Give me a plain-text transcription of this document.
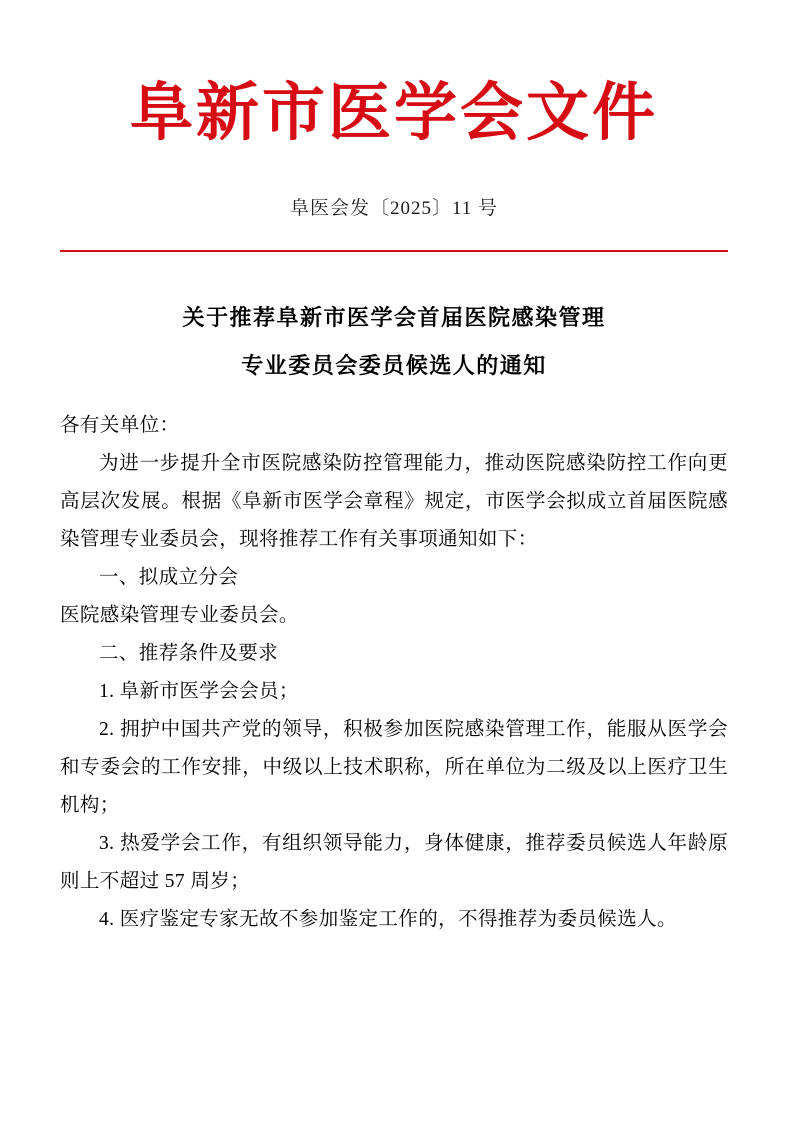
阜新市医学会文件
阜医会发〔2025〕11 号
关于推荐阜新市医学会首届医院感染管理
专业委员会委员候选人的通知

各有关单位：

为进一步提升全市医院感染防控管理能力，推动医院感染防控工作向更高层次发展。根据《阜新市医学会章程》规定，市医学会拟成立首届医院感染管理专业委员会，现将推荐工作有关事项通知如下：

一、拟成立分会

医院感染管理专业委员会。

二、推荐条件及要求

1. 阜新市医学会会员；

2. 拥护中国共产党的领导，积极参加医院感染管理工作，能服从医学会和专委会的工作安排，中级以上技术职称，所在单位为二级及以上医疗卫生机构；

3. 热爱学会工作，有组织领导能力，身体健康，推荐委员候选人年龄原则上不超过 57 周岁；

4. 医疗鉴定专家无故不参加鉴定工作的，不得推荐为委员候选人。
